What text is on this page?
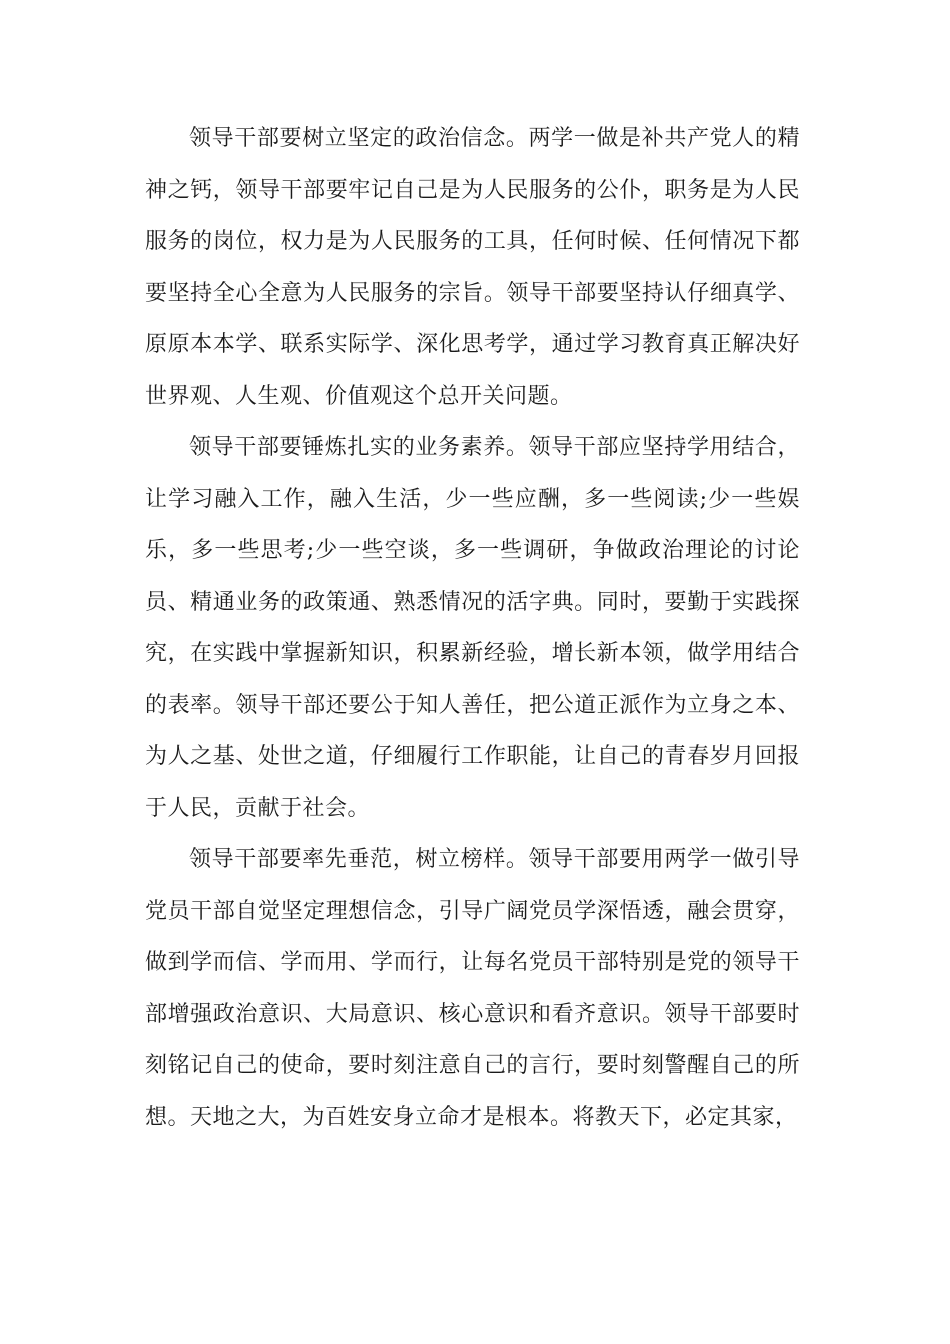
领导干部要树立坚定的政治信念。两学一做是补共产党人的精神之钙，领导干部要牢记自己是为人民服务的公仆，职务是为人民服务的岗位，权力是为人民服务的工具，任何时候、任何情况下都要坚持全心全意为人民服务的宗旨。领导干部要坚持认仔细真学、原原本本学、联系实际学、深化思考学，通过学习教育真正解决好世界观、人生观、价值观这个总开关问题。

领导干部要锤炼扎实的业务素养。领导干部应坚持学用结合，让学习融入工作，融入生活，少一些应酬，多一些阅读;少一些娱乐，多一些思考;少一些空谈，多一些调研，争做政治理论的讨论员、精通业务的政策通、熟悉情况的活字典。同时，要勤于实践探究，在实践中掌握新知识，积累新经验，增长新本领，做学用结合的表率。领导干部还要公于知人善任，把公道正派作为立身之本、为人之基、处世之道，仔细履行工作职能，让自己的青春岁月回报于人民，贡献于社会。

领导干部要率先垂范，树立榜样。领导干部要用两学一做引导党员干部自觉坚定理想信念，引导广阔党员学深悟透，融会贯穿，做到学而信、学而用、学而行，让每名党员干部特别是党的领导干部增强政治意识、大局意识、核心意识和看齐意识。领导干部要时刻铭记自己的使命，要时刻注意自己的言行，要时刻警醒自己的所想。天地之大，为百姓安身立命才是根本。将教天下，必定其家，
